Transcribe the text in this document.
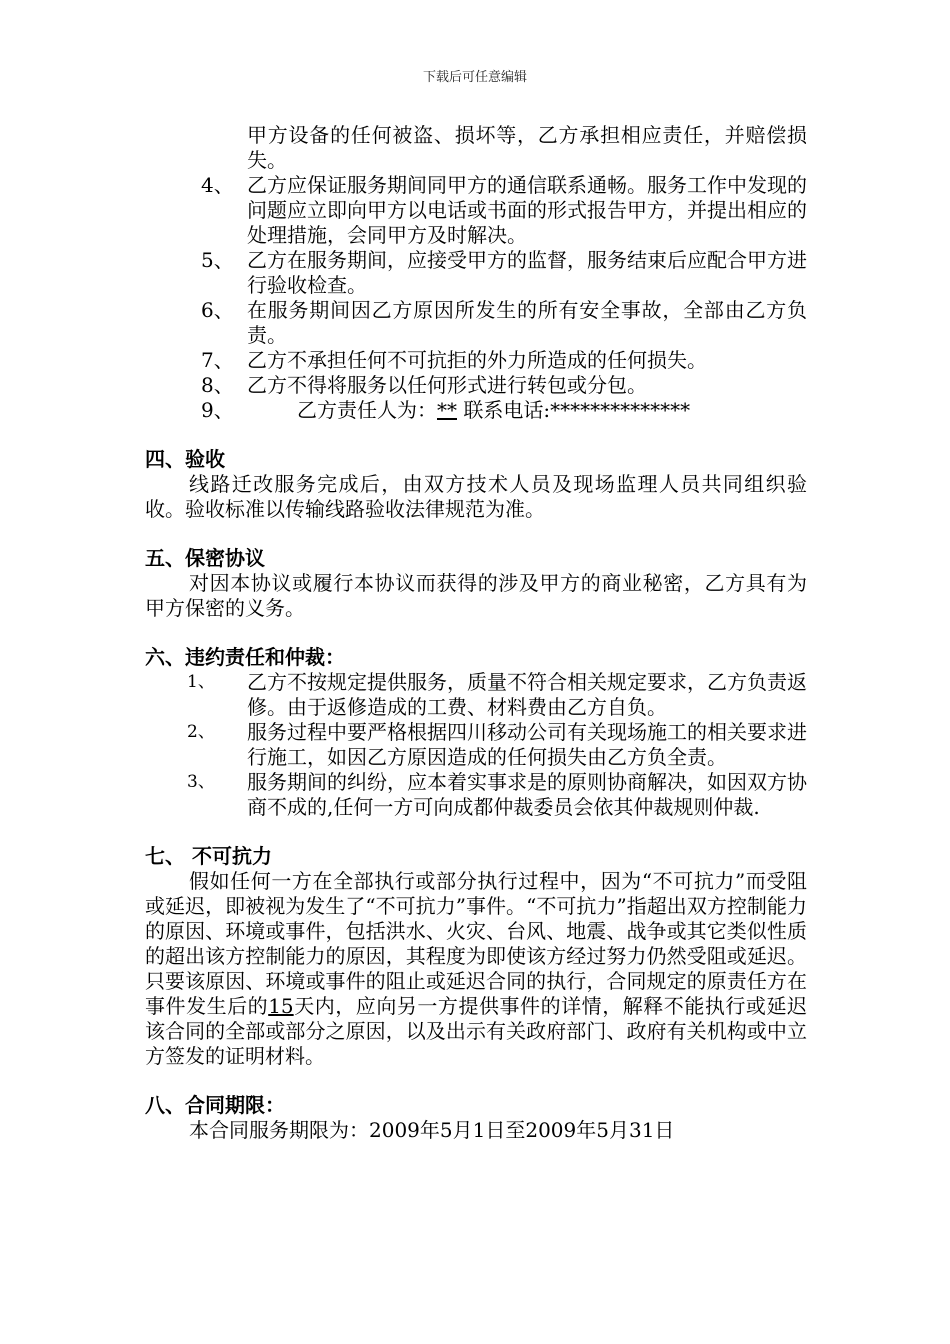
下载后可任意编辑

甲方设备的任何被盗、损坏等，乙方承担相应责任，并赔偿损失。

4、 乙方应保证服务期间同甲方的通信联系通畅。服务工作中发现的问题应立即向甲方以电话或书面的形式报告甲方，并提出相应的处理措施，会同甲方及时解决。
5、 乙方在服务期间，应接受甲方的监督，服务结束后应配合甲方进行验收检查。
6、 在服务期间因乙方原因所发生的所有安全事故，全部由乙方负责。
7、 乙方不承担任何不可抗拒的外力所造成的任何损失。
8、 乙方不得将服务以任何形式进行转包或分包。
9、	乙方责任人为：** 联系电话:**************

四、验收

线路迁改服务完成后，由双方技术人员及现场监理人员共同组织验收。验收标准以传输线路验收法律规范为准。

五、保密协议

对因本协议或履行本协议而获得的涉及甲方的商业秘密，乙方具有为甲方保密的义务。

六、违约责任和仲裁：

1、	乙方不按规定提供服务，质量不符合相关规定要求，乙方负责返修。由于返修造成的工费、材料费由乙方自负。
2、	服务过程中要严格根据四川移动公司有关现场施工的相关要求进行施工，如因乙方原因造成的任何损失由乙方负全责。
3、	服务期间的纠纷，应本着实事求是的原则协商解决，如因双方协商不成的,任何一方可向成都仲裁委员会依其仲裁规则仲裁.

七、 不可抗力

假如任何一方在全部执行或部分执行过程中，因为“不可抗力”而受阻或延迟，即被视为发生了“不可抗力”事件。“不可抗力”指超出双方控制能力的原因、环境或事件，包括洪水、火灾、台风、地震、战争或其它类似性质的超出该方控制能力的原因，其程度为即使该方经过努力仍然受阻或延迟。只要该原因、环境或事件的阻止或延迟合同的执行，合同规定的原责任方在事件发生后的15天内，应向另一方提供事件的详情，解释不能执行或延迟该合同的全部或部分之原因，以及出示有关政府部门、政府有关机构或中立方签发的证明材料。

八、合同期限：

本合同服务期限为：2009年5月1日至2009年5月31日
